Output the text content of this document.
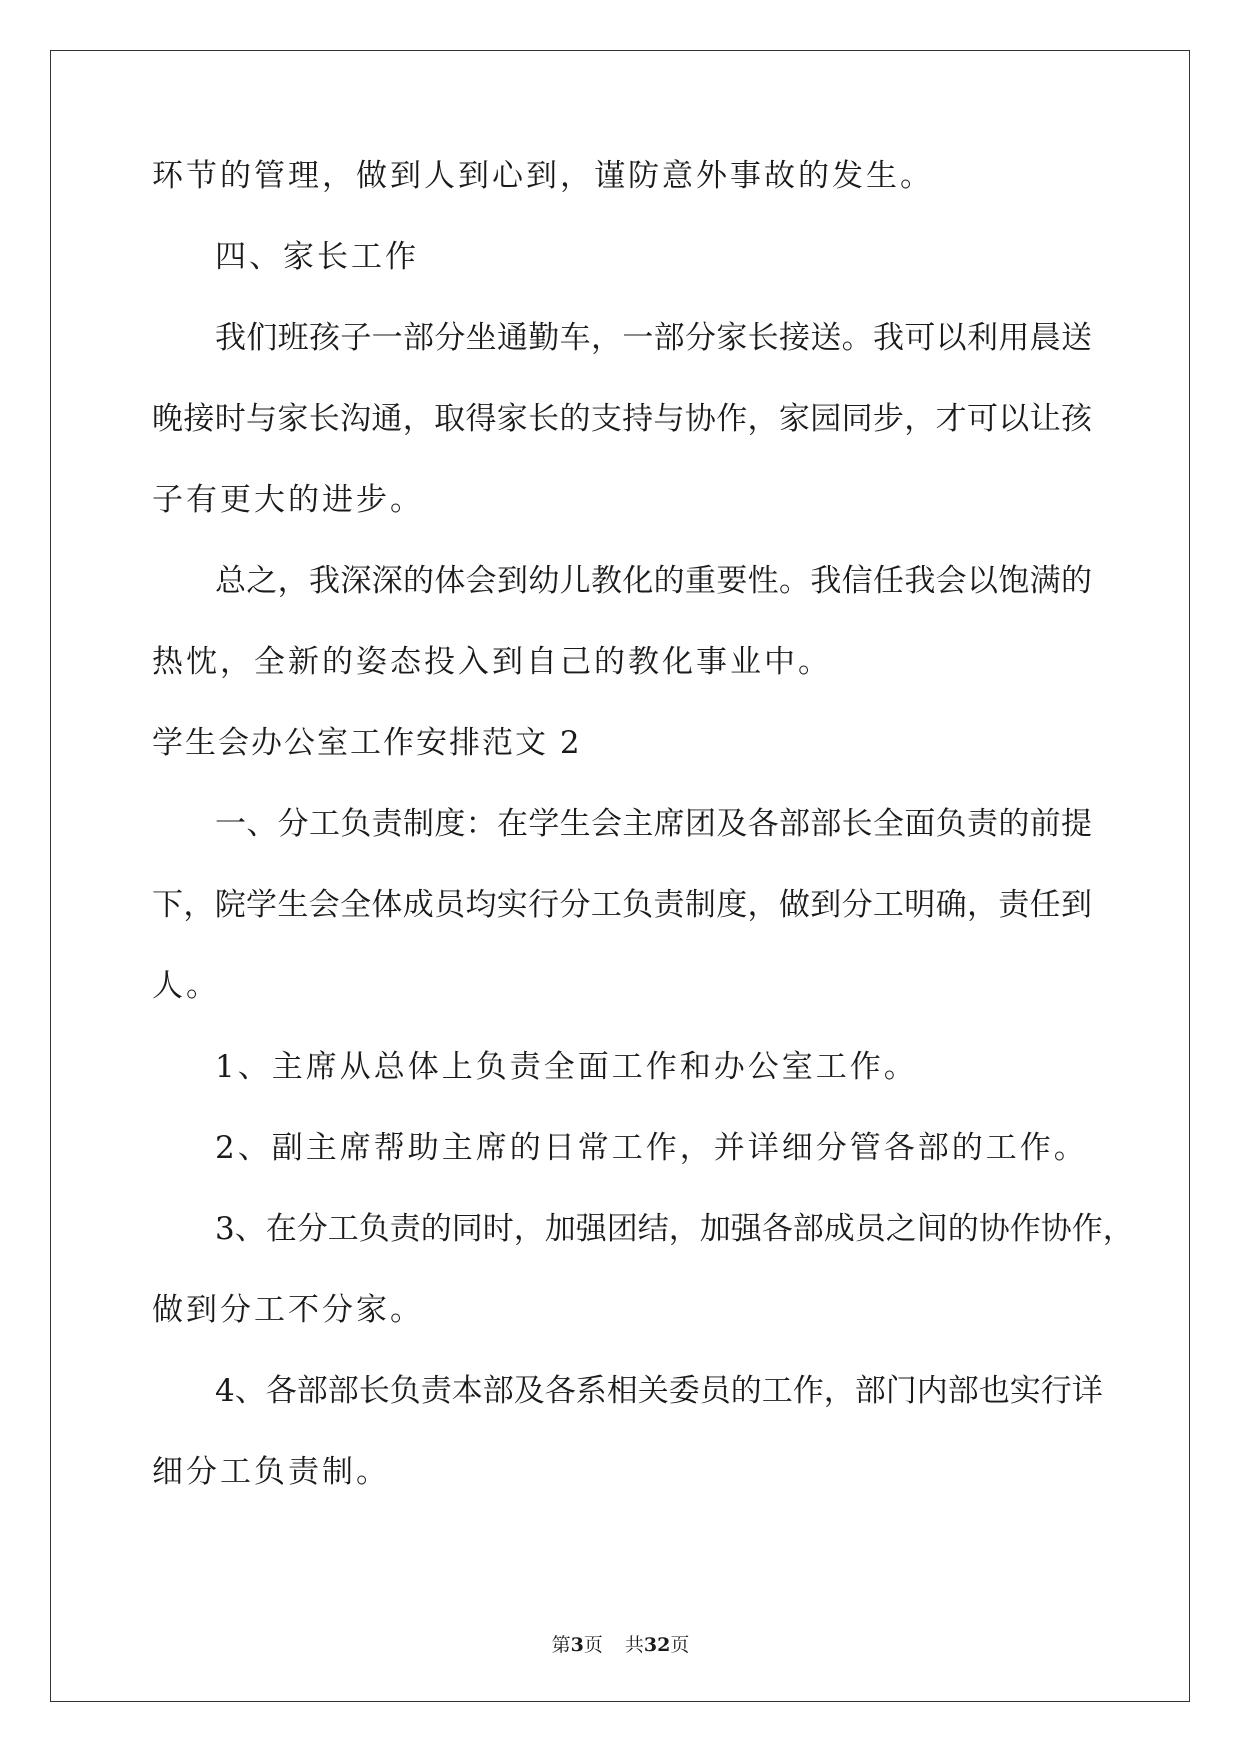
环节的管理，做到人到心到，谨防意外事故的发生。
四、家长工作
我们班孩子一部分坐通勤车，一部分家长接送。我可以利用晨送
晚接时与家长沟通，取得家长的支持与协作，家园同步，才可以让孩
子有更大的进步。
总之，我深深的体会到幼儿教化的重要性。我信任我会以饱满的
热忱，全新的姿态投入到自己的教化事业中。
学生会办公室工作安排范文 2
一、分工负责制度：在学生会主席团及各部部长全面负责的前提
下，院学生会全体成员均实行分工负责制度，做到分工明确，责任到
人。
1、主席从总体上负责全面工作和办公室工作。
2、副主席帮助主席的日常工作，并详细分管各部的工作。
3、在分工负责的同时，加强团结，加强各部成员之间的协作协作，
做到分工不分家。
4、各部部长负责本部及各系相关委员的工作，部门内部也实行详
细分工负责制。
第3页 共32页
